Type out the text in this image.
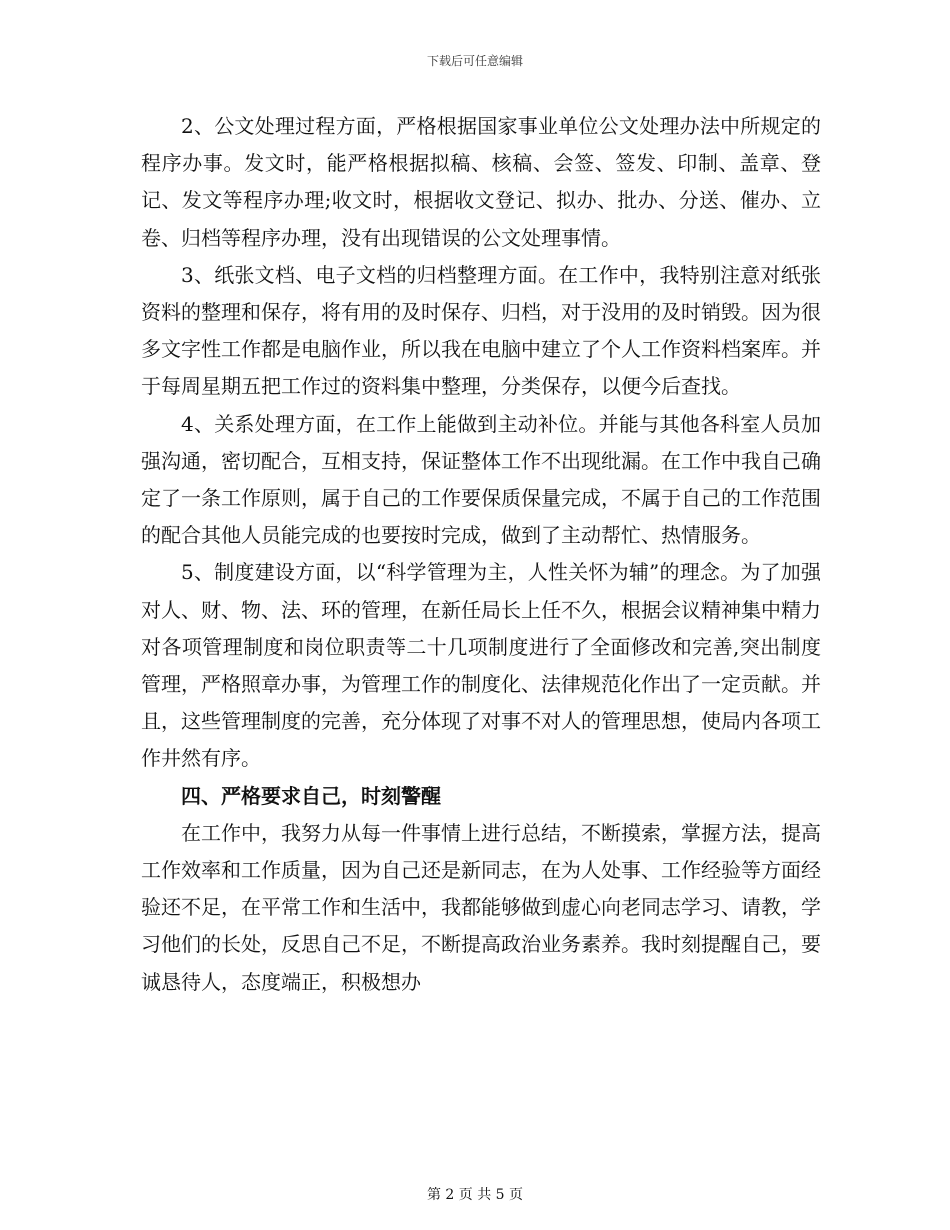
下载后可任意编辑

2、公文处理过程方面，严格根据国家事业单位公文处理办法中所规定的程序办事。发文时，能严格根据拟稿、核稿、会签、签发、印制、盖章、登记、发文等程序办理;收文时，根据收文登记、拟办、批办、分送、催办、立卷、归档等程序办理，没有出现错误的公文处理事情。

3、纸张文档、电子文档的归档整理方面。在工作中，我特别注意对纸张资料的整理和保存，将有用的及时保存、归档，对于没用的及时销毁。因为很多文字性工作都是电脑作业，所以我在电脑中建立了个人工作资料档案库。并于每周星期五把工作过的资料集中整理，分类保存，以便今后查找。

4、关系处理方面，在工作上能做到主动补位。并能与其他各科室人员加强沟通，密切配合，互相支持，保证整体工作不出现纰漏。在工作中我自己确定了一条工作原则，属于自己的工作要保质保量完成，不属于自己的工作范围的配合其他人员能完成的也要按时完成，做到了主动帮忙、热情服务。

5、制度建设方面，以“科学管理为主，人性关怀为辅”的理念。为了加强对人、财、物、法、环的管理，在新任局长上任不久，根据会议精神集中精力对各项管理制度和岗位职责等二十几项制度进行了全面修改和完善,突出制度管理，严格照章办事，为管理工作的制度化、法律规范化作出了一定贡献。并且，这些管理制度的完善，充分体现了对事不对人的管理思想，使局内各项工作井然有序。

四、严格要求自己，时刻警醒

在工作中，我努力从每一件事情上进行总结，不断摸索，掌握方法，提高工作效率和工作质量，因为自己还是新同志，在为人处事、工作经验等方面经验还不足，在平常工作和生活中，我都能够做到虚心向老同志学习、请教，学习他们的长处，反思自己不足，不断提高政治业务素养。我时刻提醒自己，要诚恳待人，态度端正，积极想办

第 2 页 共 5 页
